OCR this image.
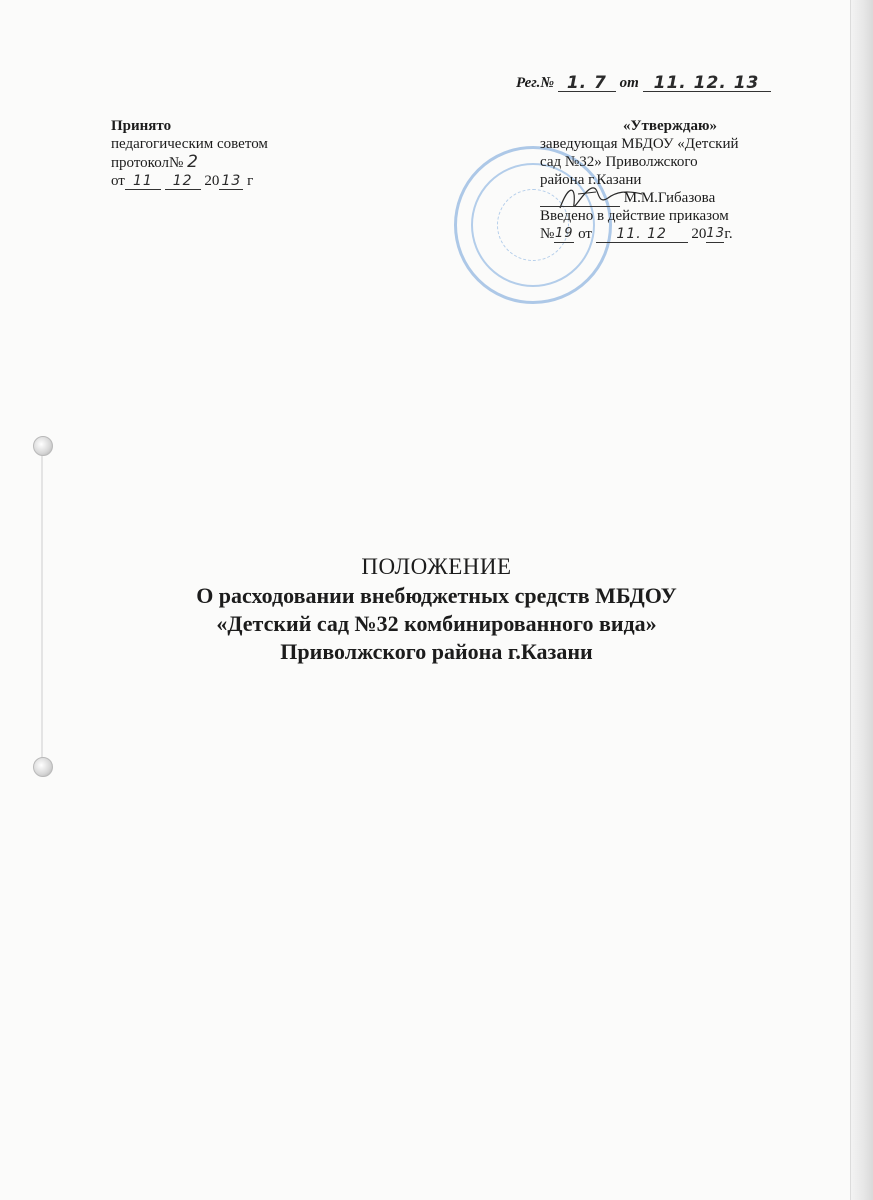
Рег.№ 1. 7 от 11. 12. 13
Принято
педагогическим советом
протокол№ 2
от 11 12 20 13 г
«Утверждаю»
заведующая МБДОУ «Детский
сад №32» Приволжского
района г.Казани
М.М.Гибазова
Введено в действие приказом
№19 от 11. 12 2013г.
ПОЛОЖЕНИЕ
О расходовании внебюджетных средств МБДОУ
«Детский сад №32 комбинированного вида»
Приволжского района г.Казани
